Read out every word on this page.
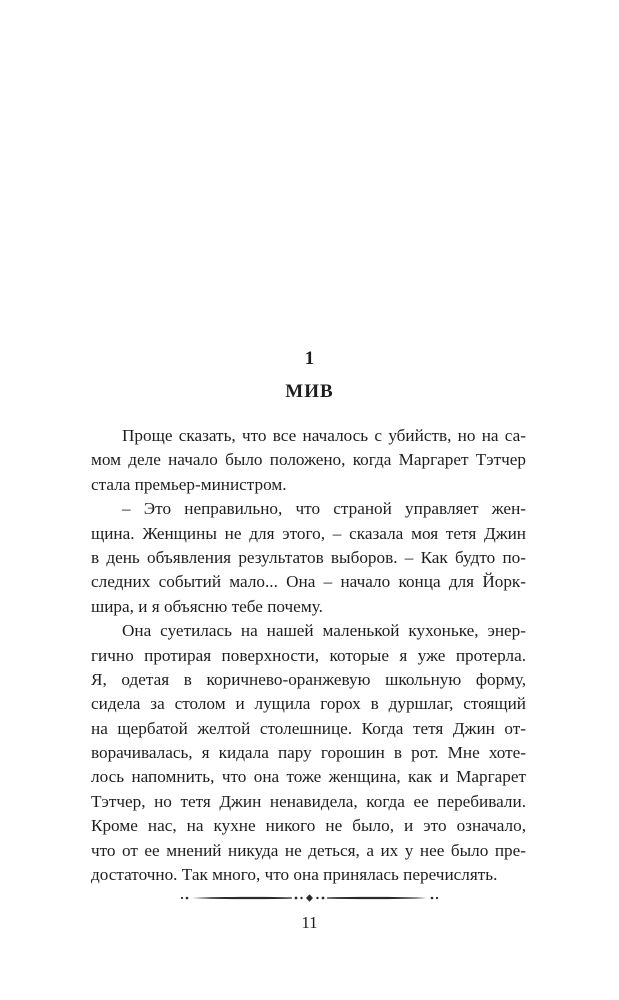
1
МИВ
Проще сказать, что все началось с убийств, но на са-
мом деле начало было положено, когда Маргарет Тэтчер
стала премьер-министром.
– Это неправильно, что страной управляет жен-
щина. Женщины не для этого, – сказала моя тетя Джин
в день объявления результатов выборов. – Как будто по-
следних событий мало... Она – начало конца для Йорк-
шира, и я объясню тебе почему.
Она суетилась на нашей маленькой кухоньке, энер-
гично протирая поверхности, которые я уже протерла.
Я, одетая в коричнево-оранжевую школьную форму,
сидела за столом и лущила горох в дуршлаг, стоящий
на щербатой желтой столешнице. Когда тетя Джин от-
ворачивалась, я кидала пару горошин в рот. Мне хоте-
лось напомнить, что она тоже женщина, как и Маргарет
Тэтчер, но тетя Джин ненавидела, когда ее перебивали.
Кроме нас, на кухне никого не было, и это означало,
что от ее мнений никуда не деться, а их у нее было пре-
достаточно. Так много, что она принялась перечислять.
11
